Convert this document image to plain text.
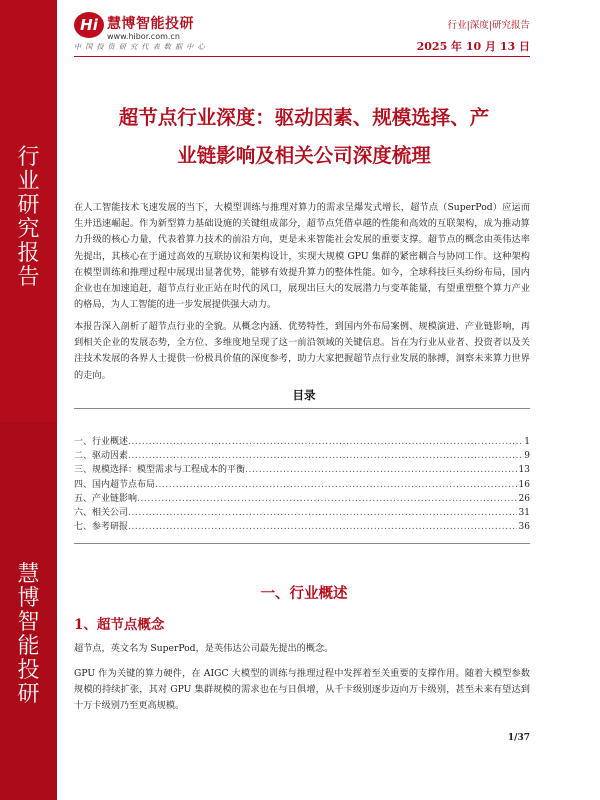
行业研究报告
慧博智能投研
Hi 慧博智能投研
www.hibor.com.cn
中 国 投 资 研 究 代 表 数 据 中 心
行业|深度|研究报告
2025 年 10 月 13 日
超节点行业深度：驱动因素、规模选择、产
业链影响及相关公司深度梳理
在人工智能技术飞速发展的当下，大模型训练与推理对算力的需求呈爆发式增长，超节点（SuperPod）应运而生并迅速崛起。作为新型算力基础设施的关键组成部分，超节点凭借卓越的性能和高效的互联架构，成为推动算力升级的核心力量，代表着算力技术的前沿方向，更是未来智能社会发展的重要支撑。超节点的概念由英伟达率先提出，其核心在于通过高效的互联协议和架构设计，实现大规模 GPU 集群的紧密耦合与协同工作。这种架构在模型训练和推理过程中展现出显著优势，能够有效提升算力的整体性能。如今，全球科技巨头纷纷布局，国内企业也在加速追赶，超节点行业正站在时代的风口，展现出巨大的发展潜力与变革能量，有望重塑整个算力产业的格局，为人工智能的进一步发展提供强大动力。
本报告深入剖析了超节点行业的全貌。从概念内涵、优势特性，到国内外布局案例、规模演进、产业链影响，再到相关企业的发展态势，全方位、多维度地呈现了这一前沿领域的关键信息。旨在为行业从业者、投资者以及关注技术发展的各界人士提供一份极具价值的深度参考，助力大家把握超节点行业发展的脉搏，洞察未来算力世界的走向。
目录
一、行业概述 .....	1
二、驱动因素 .....	9
三、规模选择：模型需求与工程成本的平衡 .....	13
四、国内超节点布局 .....	16
五、产业链影响 .....	26
六、相关公司 .....	31
七、参考研报 .....	36
一、行业概述
1、超节点概念
超节点，英文名为 SuperPod，是英伟达公司最先提出的概念。
GPU 作为关键的算力硬件，在 AIGC 大模型的训练与推理过程中发挥着至关重要的支撑作用。随着大模型参数规模的持续扩张，其对 GPU 集群规模的需求也在与日俱增，从千卡级别逐步迈向万卡级别，甚至未来有望达到十万卡级别乃至更高规模。
1/37
